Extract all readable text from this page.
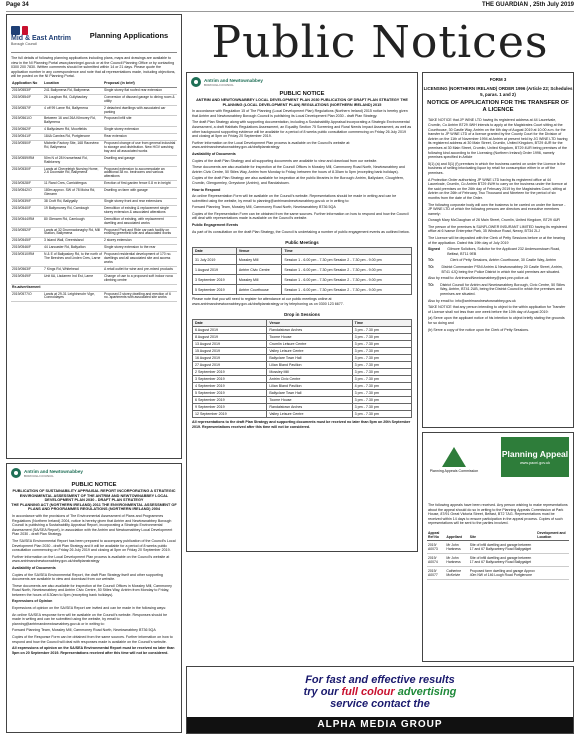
Page 34	THE GUARDIAN , 25th July 2019
Mid & East Antrim
Borough Council
Planning Applications
The full details of following planning applications including plans, maps and drawings are available to view in the NI Planning Portal www.planningni.gov.uk or at the Council Planning Office or by contacting 0300 200 7830. Written comments should be submitted within 14 or 21 days. Please quote the application number in any correspondence and note that all representations made, including objections, will be posted on the NI Planning Portal.
Application No	Location	Proposal (in brief)
2019/0553/F	241 Ballymena Rd, Ballymena	Single storey flat roofed rear extension
2019/0554/F	26 Loughan Rd, Cullybackey	Conversion of disused garage to dining room & utility
2019/0557/F	4 off 99 Larne Rd, Ballymena	2 detached dwellings with associated car parking
2019/0561/O	Between 16 and 26A Kilmorey Rd, Ballymena	Proposed infill site
2019/0562/F	4 Ballyclaven Rd, Moorfields	Single storey extension
2019/0541/F	184A Carnlea Rd, Portglenone	Rear extension
2019/0550/F	Michelin Factory Site, 168 Raceview Rd, Ballymena	Proposed change of use from general industrial to storage and distribution. New HGV washing bay and all associated works
2019/0559/RM	50m N of 28 Knowehead Rd, Rathkenny	Dwelling and garage
2019/0530/F	Lands at Cheveleigh Nursing Home, 2-6 Doonside Rd, Ballymena	Proposed extension to accommodate an additional 38 no. bedrooms and various alterations
2019/0528/F	11 Rand Cres, Carrickfergus	Erection of first garden fence 0.8 m in height
2019/0542/O	180m approx. SW of 78 Moira Rd, Glenarm	Dwelling on farm with garage
2019/0539/F	38 Croft Rd, Ballygally	Single storey front and rear extensions
2019/0540/F	19 Ballymoney Rd, Carnlough	Demolition of existing & replacement single storey extension & associated alterations
2019/0544/RM	80 Glenarm Rd, Carnlough	Demolition of existing, with replacement dwelling and associated works
2019/0552/F	Lands at 32 Drumnadonaghy Rd, Mill Station, Ballymena	Proposed Park and Ride car park facility on existing greenfield site and associated works
2019/0545/F	3 Island Wall, Greenisland	2 storey extension
2019/0546/F	44 Lancaster Rd, Ballyalton	Single storey extension to the rear
2019/0510/RM	N & E of Ballyaskey Rd, to the north of The Beeches and Linden Cres, Larne	Proposed residential development of 170 no. dwellings and all associated site and access works
2019/0563/F	7 Kings Rd, Whitehead	A retail outlet for wine and pre-mixed products
2019/0549/F	Unit 6A, Lisdarren Ind Est, Larne	Change of use to a proposed soft indoor nova climbing centre
Re-advertisement		
2019/0577/O	Lands at 29-31 Leighinmohr Vlge, Connoldayes	Proposed 2 storey dwelling and erection of 6 no. apartments with associated site works
Antrim and Newtownabbey
BOROUGH COUNCIL
PUBLIC NOTICE
PUBLICATION OF SUSTAINABILITY APPRAISAL REPORT INCORPORATING A STRATEGIC ENVIRONMENTAL ASSESSMENT OF THE ANTRIM AND NEWTOWNABBEY LOCAL DEVELOPMENT PLAN 2030 - DRAFT PLAN STRATEGY
THE PLANNING ACT (NORTHERN IRELAND) 2011 THE ENVIRONMENTAL ASSESSMENT OF PLANS AND PROGRAMMES REGULATIONS (NORTHERN IRELAND) 2004

In accordance with the provisions of The Environmental Assessment of Plans and Programmes Regulations (Northern Ireland) 2004, notice is hereby given that Antrim and Newtownabbey Borough Council is publishing a Sustainability Appraisal Report, incorporating a Strategic Environmental Assessment (SA/SEA Report), in association with the Antrim and Newtownabbey Local Development Plan 2030 - draft Plan Strategy.

The SA/SEA Environmental Report has been prepared to accompany publication of the Council's Local Development Plan 2030 - draft Plan Strategy and it will be available for a period of 8 weeks public consultation commencing on Friday 26 July 2019 and closing at 5pm on Friday 20 September 2019.

Further information on the Local Development Plan process is available on the Council's website at www.antrimandnewtownabbey.gov.uk/draftplanstrategy

Availability of Documents

Copies of the SA/SEA Environmental Report, the draft Plan Strategy itself and other supporting documents are available to view and download from our website.

These documents are also available for inspection at the Council Offices in Mossley Mill, Carnmoney Road North, Newtownabbey and Antrim Civic Centre, 50 Stiles Way, Antrim from Monday to Friday, between the hours of 8.30am to 5pm (excepting bank holidays).

Expressions of Opinion

Expressions of opinion on the SA/SEA Report are invited and can be made in the following ways:

An online SA/SEA response form will be available on the Council's website. Responses should be made in writing and can be submitted using the website, by email to planning@antrimandnewtownabbey.gov.uk or in writing to:

Forward Planning Team, Mossley Mill, Carnmoney Road North, Newtownabbey BT36 5QA

Copies of the Response Form can be obtained from the same sources. Further information on how to respond and how the Council will deal with responses made is available on the Council's website.

All expressions of opinion on the SA/SEA Environmental Report must be received no later than 5pm on 20 September 2019. Representations received after this time will not be considered.

Public Notices
Antrim and Newtownabbey
BOROUGH COUNCIL
PUBLIC NOTICE
ANTRIM AND NEWTOWNABBEY LOCAL DEVELOPMENT PLAN 2030 PUBLICATION OF DRAFT PLAN STRATEGY THE PLANNING (LOCAL DEVELOPMENT PLAN) REGULATIONS (NORTHERN IRELAND) 2015

In accordance with Regulation 15 of The Planning (Local Development Plan) Regulations (Northern Ireland) 2015 notice is hereby given that Antrim and Newtownabbey Borough Council is publishing its Local Development Plan 2030 - draft Plan Strategy.

The draft Plan Strategy along with supporting documentation, including a Sustainability Appraisal incorporating a Strategic Environmental Assessment, a draft Habitats Regulations Assessment, an Equality Section 75 Screening and Rural Needs Impact Assessment, as well as other background supporting evidence will be available for a period of 8 weeks public consultation commencing on Friday 26 July 2019 and closing at 5pm on Friday 20 September 2019.

Further information on the Local Development Plan process is available on the Council's website at: www.antrimandnewtownabbey.gov.uk/draftplanstrategy

Availability of Documents

Copies of the draft Plan Strategy and all supporting documents are available to view and download from our website.

These documents are also available for inspection at the Council Offices in Mossley Mill, Carnmoney Road North, Newtownabbey and Antrim Civic Centre, 50 Stiles Way, Antrim from Monday to Friday, between the hours of 8.30am to 5pm (excepting bank holidays).

Copies of the draft Plan Strategy are also available for inspection at the public libraries in the Borough: Antrim, Ballyclare, Cloughfern, Crumlin, Glengormley, Greystone (Antrim), and Randalstown.

How to Respond

An online Representation Form will be available on the Council's website. Representations should be made in writing and can be submitted using the website, by email to planning@antrimandnewtownabbey.gov.uk or in writing to:

Forward Planning Team, Mossley Mill, Carnmoney Road North, Newtownabbey BT36 5QA

Copies of the Representation Form can be obtained from the same sources. Further information on how to respond and how the Council will deal with representations made is available on the Council's website.

Public Engagement Events

As part of its consultation on the draft Plan Strategy, the Council is undertaking a number of public engagement events as outlined below.

Public Meetings
Date	Venue	Time
31 July 2019	Mossley Mill	Session 1 - 6.00 pm - 7.30 pm Session 2 - 7.30 pm - 9.00 pm
1 August 2019	Antrim Civic Centre	Session 1 - 6.00 pm - 7.30 pm Session 2 - 7.30 pm - 9.00 pm
3 September 2019	Mossley Mill	Session 1 - 6.00 pm - 7.30 pm Session 2 - 7.30 pm - 9.00 pm
5 September 2019	Antrim Courthouse	Session 1 - 6.00 pm - 7.30 pm Session 2 - 7.30 pm - 9.00 pm

Please note that you will need to register for attendance at our public meetings online at www.antrimandnewtownabbey.gov.uk/draftplanstrategy or by telephoning us on 0300 123 6677.

Drop in Sessions
Date	Venue	Time
6 August 2019	Randalstown Arches	3 pm - 7.30 pm
8 August 2019	Toome House	3 pm - 7.30 pm
13 August 2019	Crumlin Leisure Centre	3 pm - 7.30 pm
15 August 2019	Valley Leisure Centre	3 pm - 7.30 pm
16 August 2019	Ballyclare Town Hall	3 pm - 7.30 pm
27 August 2019	Lilian Bland Pavilion	3 pm - 7.30 pm
2 September 2019	Mossley Mill	3 pm - 7.30 pm
3 September 2019	Antrim Civic Centre	3 pm - 7.30 pm
4 September 2019	Lilian Bland Pavilion	4 pm - 7.30 pm
5 September 2019	Ballyclare Town Hall	3 pm - 7.30 pm
6 September 2019	Toome House	3 pm - 7.30 pm
9 September 2019	Randalstown Arches	3 pm - 7.30 pm
12 September 2019	Valley Leisure Centre	3 pm - 7.30 pm

All representations to the draft Plan Strategy and supporting documents must be received no later than 5pm on 20th September 2019. Representations received after this time will not be considered.

FORM 3
LICENSING (NORTHERN IRELAND) ORDER 1996 (Article 22; Schedules 5, paras. 1 and 2)
NOTICE OF APPLICATION FOR THE TRANSFER OF A LICENCE

TAKE NOTICE that JP WINE LTD having its registered address at 44 Laurelvale, Crumlin, Co Antrim BT29 4WH intends to apply at the Magistrates Court sitting at the Courthouse, 30 Castle Way, Antrim on the 6th day of August 2019 at 10.00 a.m. for the transfer to JP WINE LTD of a licence granted by the County Court for the Division of Antrim on the 11th of November 1994 at Antrim at present held by JG WINE LTD having its registered address at 30 Main Street, Crumlin, United Kingdom, BT29 4UR for the premises at 30 Main Street, Crumlin, United Kingdom, BT29 4UR being premises of the following kind according to the Licensing (Northern Ireland) Order 1996, namely premises specified in Article

5(1) (a) and 5(1) (f) premises in which the business carried on under the Licence is the business of selling intoxicating liquor by retail for consumption either in or off the premises.

A Protection Order authorising JP WINE LTD having its registered office at 44 Laurelvale, Crumlin, Co Antrim BT29 4WH to carry on the business under the licence at the said premises on the 26th day of February 2019 by the Magistrates Court, sitting at Antrim on the 26th of February, Two Thousand and Nineteen for the period of six months from the date of the Order.

The following corporate body will own the business to be carried on under the licence - JP WINE LTD of which the following persons are directors and executive members namely:

Oonagh Mary McClaughan of 26 Main Street, Crumlin, United Kingdom, BT29 4UR

The person of the premises is SUNFLOWER INSURANT LIMITED having its registered office at 6 Ivanse Enterprise Park, 35 Windsor Road, Newry, BT34 2LJ

The Licence will be deposited with the Clerk of Petty Sessions before or at the hearing of the application. Dated this 19th day of July 2019

Signed	Gilmore Solicitors, Solicitor for the Applicant 232 Andersonstown Road, Belfast, BT11 9EB

TO:	Clerk of Petty Sessions, Antrim Courthouse, 30 Castle Way, Antrim

TO:	District Commander PSNI Antrim & Newtownabbey 20 Castle Street, Antrim, BT41 4JQ being the Police District in which the said premises are situated.

Also by email to: AntrimandNewtownabbey@psni.pnn.police.uk

TO:	District Council for Antrim and Newtownabbey Borough, Civic Centre, 50 Stiles Way, Antrim, BT41 2UB, being the District Council in which the premises and premises are situated.

Also by email to: info@antrimandnewtownabbey.gov.uk

TAKE NOTICE that any person intending to object to the within application for Transfer of Licence shall not less than one week before the 10th day of August 2019:

(a) Serve upon the applicant notice of his intention to object briefly stating the grounds for so doing and

(b) Serve a copy of the notice upon the Clerk of Petty Sessions.

Planning Appeals Commission
Planning Appeal
www.pacni.gov.uk
The following appeals have been received. Any person wishing to make representations about the appeal should do so in writing to the Planning Appeals Commission at Park House, 87/91 Great Victoria Street, Belfast, BT2 7AG. Representations must be received within 14 days to ensure participation in the appeal process. Copies of such representations will be sent to the parties involved.
Appeal Ref No	Appellant	Site	Development and Location
2019/ A0073	Mr John Harkness	Site of infill dwelling and garage between 17 and 67 Ballycarbery Road Ballygalget	
2019/ A0074	Mr John Harkness	Site of infill dwelling and garage between 17 and 67 Ballycarbery Road Ballygalget	
2019/ A0077	Catherine McKelvie	Proposed farm dwelling and garage Approx 40m NW of 146 Lough Road Portglenone	
For fast and effective results
try our full colour advertising
service contact the
ALPHA MEDIA GROUP
